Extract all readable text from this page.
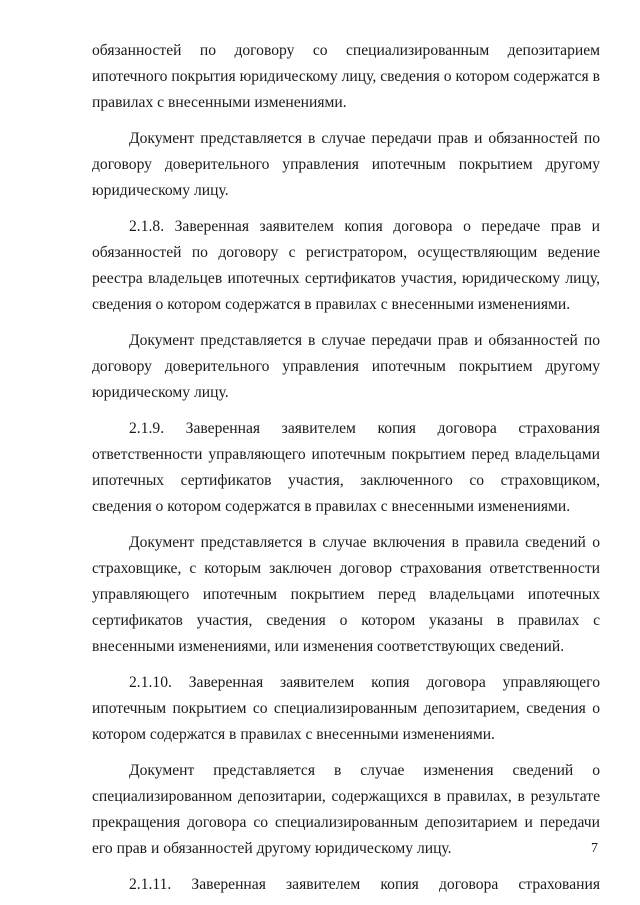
обязанностей по договору со специализированным депозитарием ипотечного покрытия юридическому лицу, сведения о котором содержатся в правилах с внесенными изменениями.

Документ представляется в случае передачи прав и обязанностей по договору доверительного управления ипотечным покрытием другому юридическому лицу.

2.1.8. Заверенная заявителем копия договора о передаче прав и обязанностей по договору с регистратором, осуществляющим ведение реестра владельцев ипотечных сертификатов участия, юридическому лицу, сведения о котором содержатся в правилах с внесенными изменениями.

Документ представляется в случае передачи прав и обязанностей по договору доверительного управления ипотечным покрытием другому юридическому лицу.

2.1.9. Заверенная заявителем копия договора страхования ответственности управляющего ипотечным покрытием перед владельцами ипотечных сертификатов участия, заключенного со страховщиком, сведения о котором содержатся в правилах с внесенными изменениями.

Документ представляется в случае включения в правила сведений о страховщике, с которым заключен договор страхования ответственности управляющего ипотечным покрытием перед владельцами ипотечных сертификатов участия, сведения о котором указаны в правилах с внесенными изменениями, или изменения соответствующих сведений.

2.1.10. Заверенная заявителем копия договора управляющего ипотечным покрытием со специализированным депозитарием, сведения о котором содержатся в правилах с внесенными изменениями.

Документ представляется в случае изменения сведений о специализированном депозитарии, содержащихся в правилах, в результате прекращения договора со специализированным депозитарием и передачи его прав и обязанностей другому юридическому лицу.

2.1.11. Заверенная заявителем копия договора страхования

7
